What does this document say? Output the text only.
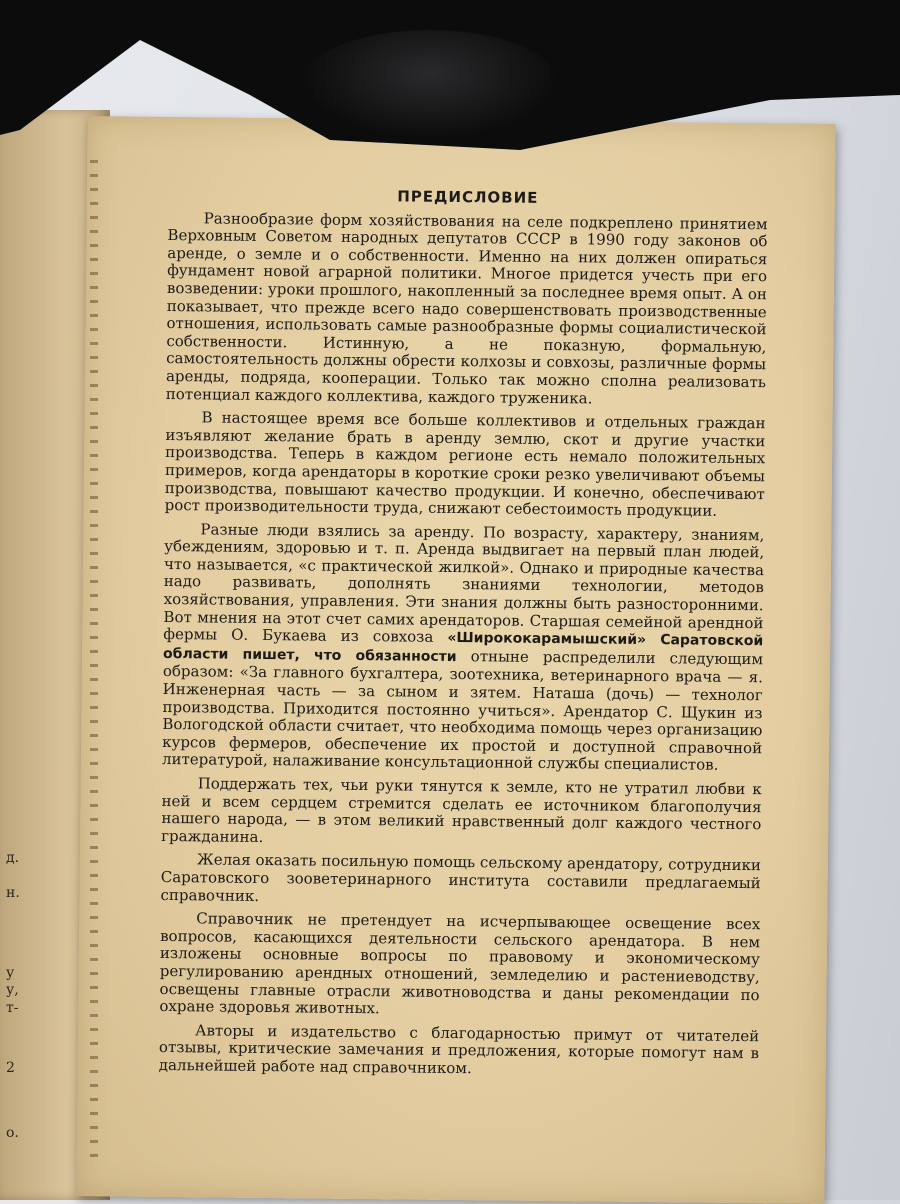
д.
н.
у
у,
т-
2
о.
ПРЕДИСЛОВИЕ

Разнообразие форм хозяйствования на селе подкреплено принятием Верховным Советом народных депутатов СССР в 1990 году законов об аренде, о земле и о собственности. Именно на них должен опираться фундамент новой аграрной политики. Многое придется учесть при его возведении: уроки прошлого, накопленный за последнее время опыт. А он показывает, что прежде всего надо совершенствовать производственные отношения, использовать самые разнообразные формы социалистической собственности. Истинную, а не показную, формальную, самостоятельность должны обрести колхозы и совхозы, различные формы аренды, подряда, кооперации. Только так можно сполна реализовать потенциал каждого коллектива, каждого труженика.

В настоящее время все больше коллективов и отдельных граждан изъявляют желание брать в аренду землю, скот и другие участки производства. Теперь в каждом регионе есть немало положительных примеров, когда арендаторы в короткие сроки резко увеличивают объемы производства, повышают качество продукции. И конечно, обеспечивают рост производительности труда, снижают себестоимость продукции.

Разные люди взялись за аренду. По возрасту, характеру, знаниям, убеждениям, здоровью и т. п. Аренда выдвигает на первый план людей, что называется, «с практической жилкой». Однако и природные качества надо развивать, дополнять знаниями технологии, методов хозяйствования, управления. Эти знания должны быть разносторонними. Вот мнения на этот счет самих арендаторов. Старшая семейной арендной фермы О. Букаева из совхоза «Ширококарамышский» Саратовской области пишет, что обязанности отныне распределили следующим образом: «За главного бухгалтера, зоотехника, ветеринарного врача — я. Инженерная часть — за сыном и зятем. Наташа (дочь) — технолог производства. Приходится постоянно учиться». Арендатор С. Щукин из Вологодской области считает, что необходима помощь через организацию курсов фермеров, обеспечение их простой и доступной справочной литературой, налаживание консультационной службы специалистов.

Поддержать тех, чьи руки тянутся к земле, кто не утратил любви к ней и всем сердцем стремится сделать ее источником благополучия нашего народа, — в этом великий нравственный долг каждого честного гражданина.

Желая оказать посильную помощь сельскому арендатору, сотрудники Саратовского зооветеринарного института составили предлагаемый справочник.

Справочник не претендует на исчерпывающее освещение всех вопросов, касающихся деятельности сельского арендатора. В нем изложены основные вопросы по правовому и экономическому регулированию арендных отношений, земледелию и растениеводству, освещены главные отрасли животноводства и даны рекомендации по охране здоровья животных.

Авторы и издательство с благодарностью примут от читателей отзывы, критические замечания и предложения, которые помогут нам в дальнейшей работе над справочником.
